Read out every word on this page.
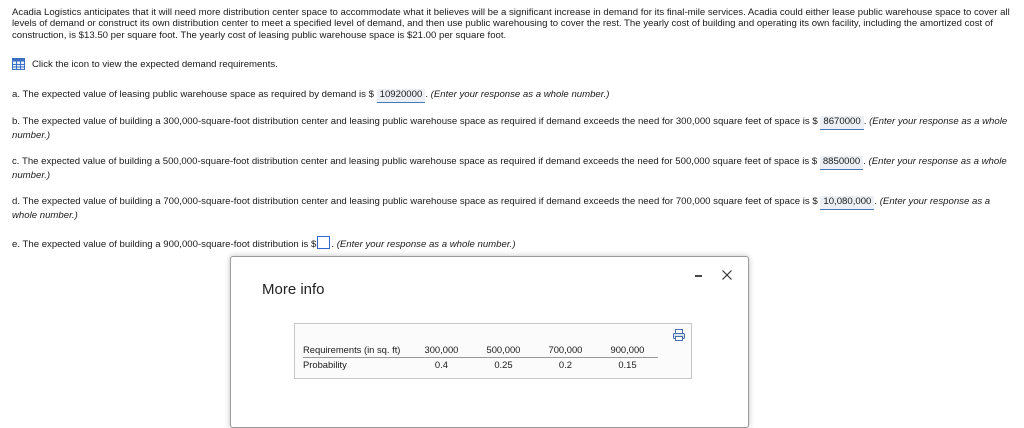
Acadia Logistics anticipates that it will need more distribution center space to accommodate what it believes will be a significant increase in demand for its final-mile services. Acadia could either lease public warehouse space to cover all levels of demand or construct its own distribution center to meet a specified level of demand, and then use public warehousing to cover the rest. The yearly cost of building and operating its own facility, including the amortized cost of construction, is $13.50 per square foot. The yearly cost of leasing public warehouse space is $21.00 per square foot.
Click the icon to view the expected demand requirements.
a. The expected value of leasing public warehouse space as required by demand is $ 10920000 . (Enter your response as a whole number.)
b. The expected value of building a 300,000-square-foot distribution center and leasing public warehouse space as required if demand exceeds the need for 300,000 square feet of space is $ 8670000 . (Enter your response as a whole number.)
c. The expected value of building a 500,000-square-foot distribution center and leasing public warehouse space as required if demand exceeds the need for 500,000 square feet of space is $ 8850000 . (Enter your response as a whole number.)
d. The expected value of building a 700,000-square-foot distribution center and leasing public warehouse space as required if demand exceeds the need for 700,000 square feet of space is $ 10,080,000 . (Enter your response as a whole number.)
e. The expected value of building a 900,000-square-foot distribution is $ . (Enter your response as a whole number.)
More info
Requirements (in sq. ft)	300,000	500,000	700,000	900,000
Probability	0.4	0.25	0.2	0.15
